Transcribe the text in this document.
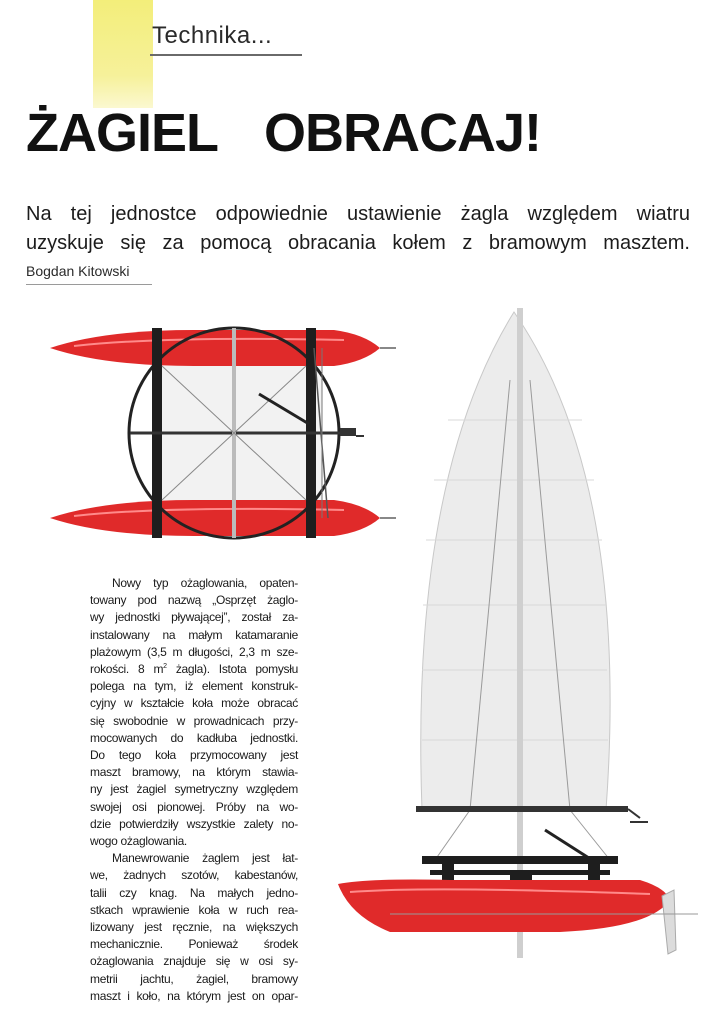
Technika...
ŻAGIEL OBRACAJ!
Na tej jednostce odpowiednie ustawienie żagla względem wiatru
uzyskuje się za pomocą obracania kołem z bramowym masztem.
Bogdan Kitowski
Nowy typ ożaglowania, opaten-
towany pod nazwą „Osprzęt żaglo-
wy jednostki pływającej”, został za-
instalowany na małym katamaranie
plażowym (3,5 m długości, 2,3 m sze-
rokości. 8 $m^2$ żagla). Istota pomysłu
polega na tym, iż element konstruk-
cyjny w kształcie koła może obracać
się swobodnie w prowadnicach przy-
mocowanych do kadłuba jednostki.
Do tego koła przymocowany jest
maszt bramowy, na którym stawia-
ny jest żagiel symetryczny względem
swojej osi pionowej. Próby na wo-
dzie potwierdziły wszystkie zalety no-
wogo ożaglowania.
Manewrowanie żaglem jest łat-
we, żadnych szotów, kabestanów,
talii czy knag. Na małych jedno-
stkach wprawienie koła w ruch rea-
lizowany jest ręcznie, na większych
mechanicznie. Ponieważ środek
ożaglowania znajduje się w osi sy-
metrii jachtu, żagiel, bramowy
maszt i koło, na którym jest on opar-
